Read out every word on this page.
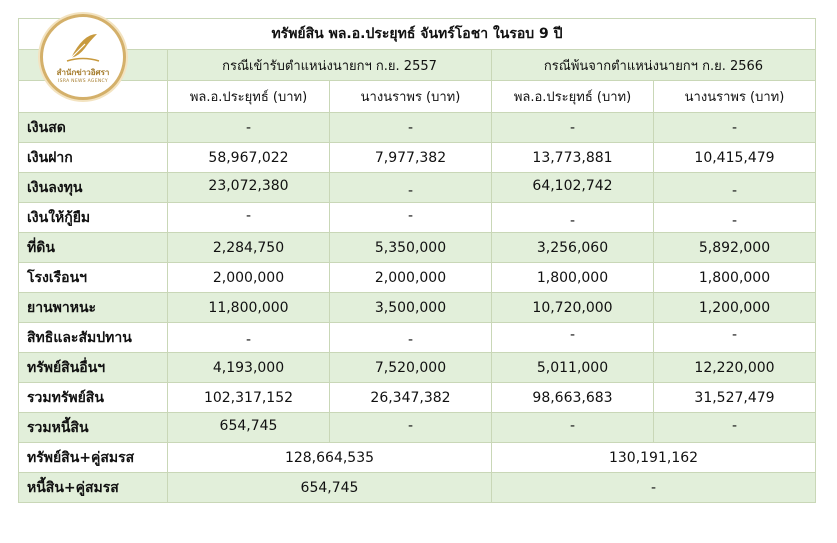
สำนักข่าวอิศรา
ISRA NEWS AGENCY
ทรัพย์สิน พล.อ.ประยุทธ์ จันทร์โอชา ในรอบ 9 ปี				
	กรณีเข้ารับตำแหน่งนายกฯ ก.ย. 2557		กรณีพ้นจากตำแหน่งนายกฯ ก.ย. 2566	
	พล.อ.ประยุทธ์ (บาท)	นางนราพร (บาท)	พล.อ.ประยุทธ์ (บาท)	นางนราพร (บาท)
เงินสด	-	-	-	-
เงินฝาก	58,967,022	7,977,382	13,773,881	10,415,479
เงินลงทุน	23,072,380	-	64,102,742	-
เงินให้กู้ยืม	-	-	-	-
ที่ดิน	2,284,750	5,350,000	3,256,060	5,892,000
โรงเรือนฯ	2,000,000	2,000,000	1,800,000	1,800,000
ยานพาหนะ	11,800,000	3,500,000	10,720,000	1,200,000
สิทธิและสัมปทาน	-	-	-	-
ทรัพย์สินอื่นฯ	4,193,000	7,520,000	5,011,000	12,220,000
รวมทรัพย์สิน	102,317,152	26,347,382	98,663,683	31,527,479
รวมหนี้สิน	654,745	-	-	-
ทรัพย์สิน+คู่สมรส	128,664,535		130,191,162	
หนี้สิน+คู่สมรส	654,745		-	
